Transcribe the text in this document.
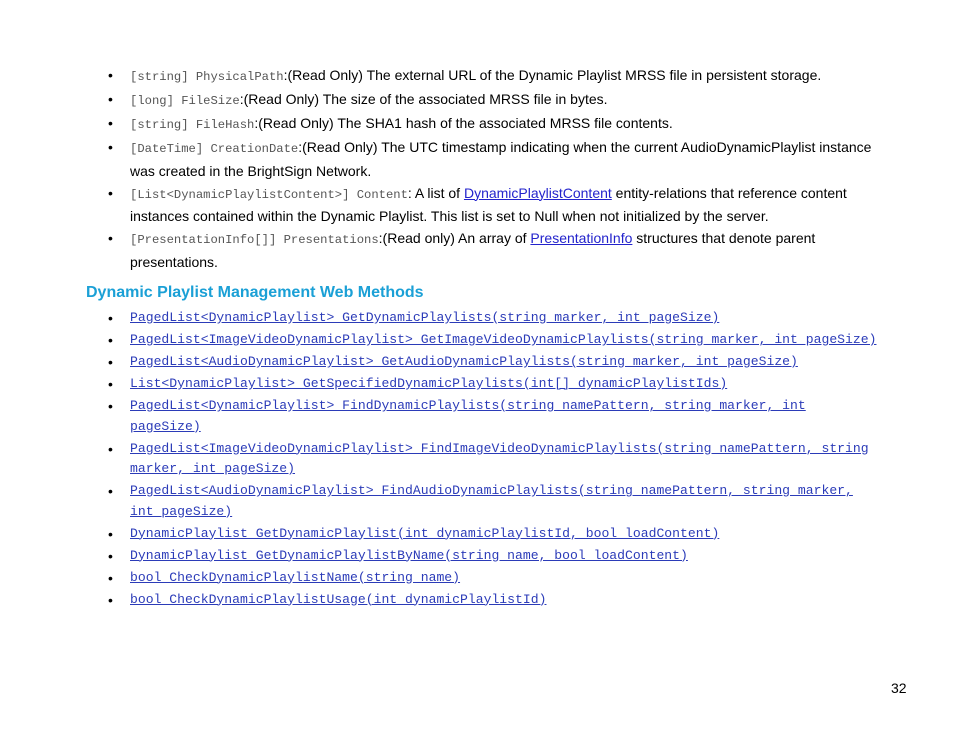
• [string] PhysicalPath:(Read Only) The external URL of the Dynamic Playlist MRSS file in persistent storage.
• [long] FileSize:(Read Only) The size of the associated MRSS file in bytes.
• [string] FileHash:(Read Only) The SHA1 hash of the associated MRSS file contents.
• [DateTime] CreationDate:(Read Only) The UTC timestamp indicating when the current AudioDynamicPlaylist instance was created in the BrightSign Network.
• [List<DynamicPlaylistContent>] Content: A list of DynamicPlaylistContent entity-relations that reference content instances contained within the Dynamic Playlist. This list is set to Null when not initialized by the server.
• [PresentationInfo[]] Presentations:(Read only) An array of PresentationInfo structures that denote parent presentations.
Dynamic Playlist Management Web Methods
• PagedList<DynamicPlaylist> GetDynamicPlaylists(string marker, int pageSize)
• PagedList<ImageVideoDynamicPlaylist> GetImageVideoDynamicPlaylists(string marker, int pageSize)
• PagedList<AudioDynamicPlaylist> GetAudioDynamicPlaylists(string marker, int pageSize)
• List<DynamicPlaylist> GetSpecifiedDynamicPlaylists(int[] dynamicPlaylistIds)
• PagedList<DynamicPlaylist> FindDynamicPlaylists(string namePattern, string marker, int pageSize)
• PagedList<ImageVideoDynamicPlaylist> FindImageVideoDynamicPlaylists(string namePattern, string marker, int pageSize)
• PagedList<AudioDynamicPlaylist> FindAudioDynamicPlaylists(string namePattern, string marker, int pageSize)
• DynamicPlaylist GetDynamicPlaylist(int dynamicPlaylistId, bool loadContent)
• DynamicPlaylist GetDynamicPlaylistByName(string name, bool loadContent)
• bool CheckDynamicPlaylistName(string name)
• bool CheckDynamicPlaylistUsage(int dynamicPlaylistId)
32
